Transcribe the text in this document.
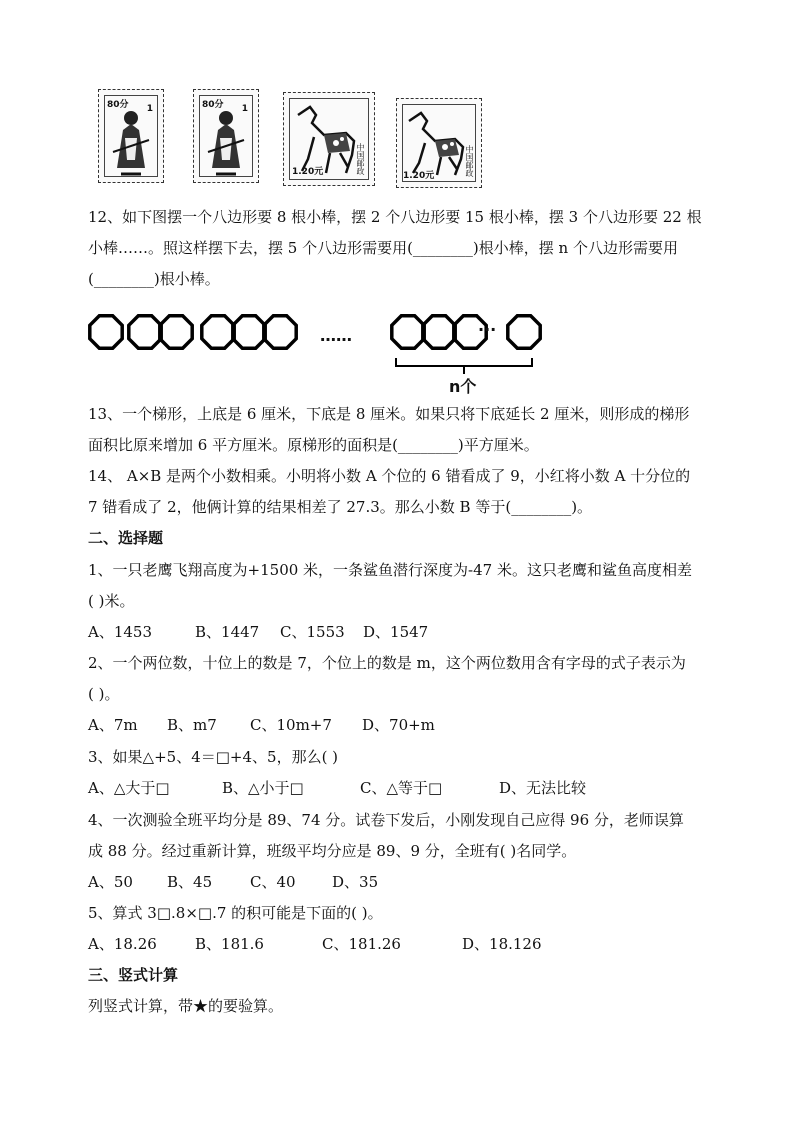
80分 1	80分 1
1.20元	中国邮政
1.20元	中国邮政
12、如下图摆一个八边形要 8 根小棒，摆 2 个八边形要 15 根小棒，摆 3 个八边形要 22 根
小棒……。照这样摆下去，摆 5 个八边形需要用(________)根小棒，摆 n 个八边形需要用
(________)根小棒。
……	···
n个
13、一个梯形，上底是 6 厘米，下底是 8 厘米。如果只将下底延长 2 厘米，则形成的梯形
面积比原来增加 6 平方厘米。原梯形的面积是(________)平方厘米。
14、 A×B 是两个小数相乘。小明将小数 A 个位的 6 错看成了 9，小红将小数 A 十分位的
7 错看成了 2，他俩计算的结果相差了 27.3。那么小数 B 等于(________)。
二、选择题
1、一只老鹰飞翔高度为+1500 米，一条鲨鱼潜行深度为-47 米。这只老鹰和鲨鱼高度相差
( )米。
A、1453	B、1447 C、1553 D、1547
2、一个两位数，十位上的数是 7，个位上的数是 m，这个两位数用含有字母的式子表示为
( )。
A、7m B、m7 C、10m+7 D、70+m
3、如果△+5、4＝□+4、5，那么( )
A、△大于□	B、△小于□	C、△等于□	D、无法比较
4、一次测验全班平均分是 89、74 分。试卷下发后，小刚发现自己应得 96 分，老师误算
成 88 分。经过重新计算，班级平均分应是 89、9 分，全班有( )名同学。
A、50 B、45	C、40 D、35
5、算式 3□.8×□.7 的积可能是下面的( )。
A、18.26	B、181.6	C、181.26	D、18.126
三、竖式计算
列竖式计算，带★的要验算。
